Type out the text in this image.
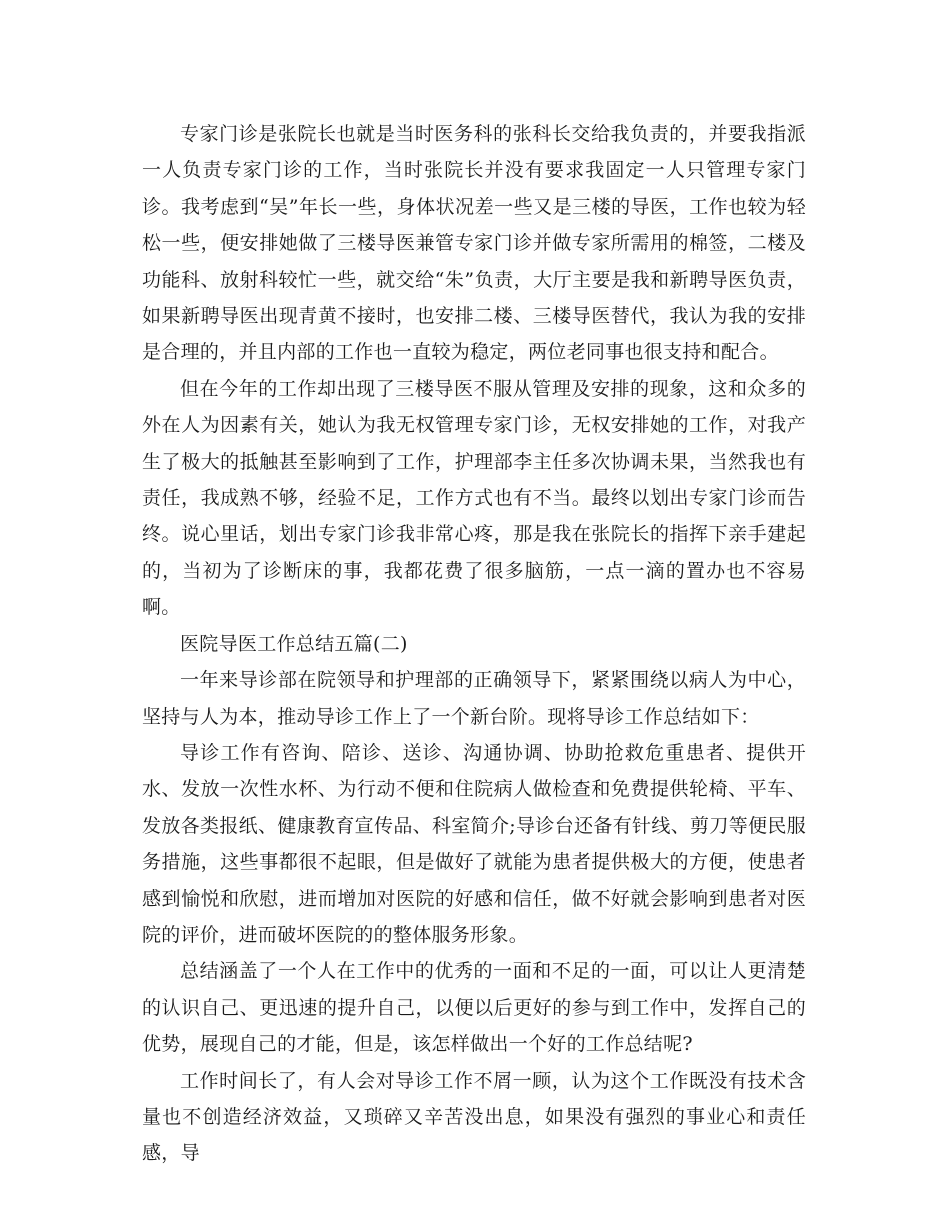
专家门诊是张院长也就是当时医务科的张科长交给我负责的，并要我指派一人负责专家门诊的工作，当时张院长并没有要求我固定一人只管理专家门诊。我考虑到“吴”年长一些，身体状况差一些又是三楼的导医，工作也较为轻松一些，便安排她做了三楼导医兼管专家门诊并做专家所需用的棉签，二楼及功能科、放射科较忙一些，就交给“朱”负责，大厅主要是我和新聘导医负责，如果新聘导医出现青黄不接时，也安排二楼、三楼导医替代，我认为我的安排是合理的，并且内部的工作也一直较为稳定，两位老同事也很支持和配合。

但在今年的工作却出现了三楼导医不服从管理及安排的现象，这和众多的外在人为因素有关，她认为我无权管理专家门诊，无权安排她的工作，对我产生了极大的抵触甚至影响到了工作，护理部李主任多次协调未果，当然我也有责任，我成熟不够，经验不足，工作方式也有不当。最终以划出专家门诊而告终。说心里话，划出专家门诊我非常心疼，那是我在张院长的指挥下亲手建起的，当初为了诊断床的事，我都花费了很多脑筋，一点一滴的置办也不容易啊。

医院导医工作总结五篇(二)

一年来导诊部在院领导和护理部的正确领导下，紧紧围绕以病人为中心，坚持与人为本，推动导诊工作上了一个新台阶。现将导诊工作总结如下：

导诊工作有咨询、陪诊、送诊、沟通协调、协助抢救危重患者、提供开水、发放一次性水杯、为行动不便和住院病人做检查和免费提供轮椅、平车、发放各类报纸、健康教育宣传品、科室简介;导诊台还备有针线、剪刀等便民服务措施，这些事都很不起眼，但是做好了就能为患者提供极大的方便，使患者感到愉悦和欣慰，进而增加对医院的好感和信任，做不好就会影响到患者对医院的评价，进而破坏医院的的整体服务形象。

总结涵盖了一个人在工作中的优秀的一面和不足的一面，可以让人更清楚的认识自己、更迅速的提升自己，以便以后更好的参与到工作中，发挥自己的优势，展现自己的才能，但是，该怎样做出一个好的工作总结呢?

工作时间长了，有人会对导诊工作不屑一顾，认为这个工作既没有技术含量也不创造经济效益，又琐碎又辛苦没出息，如果没有强烈的事业心和责任感，导
